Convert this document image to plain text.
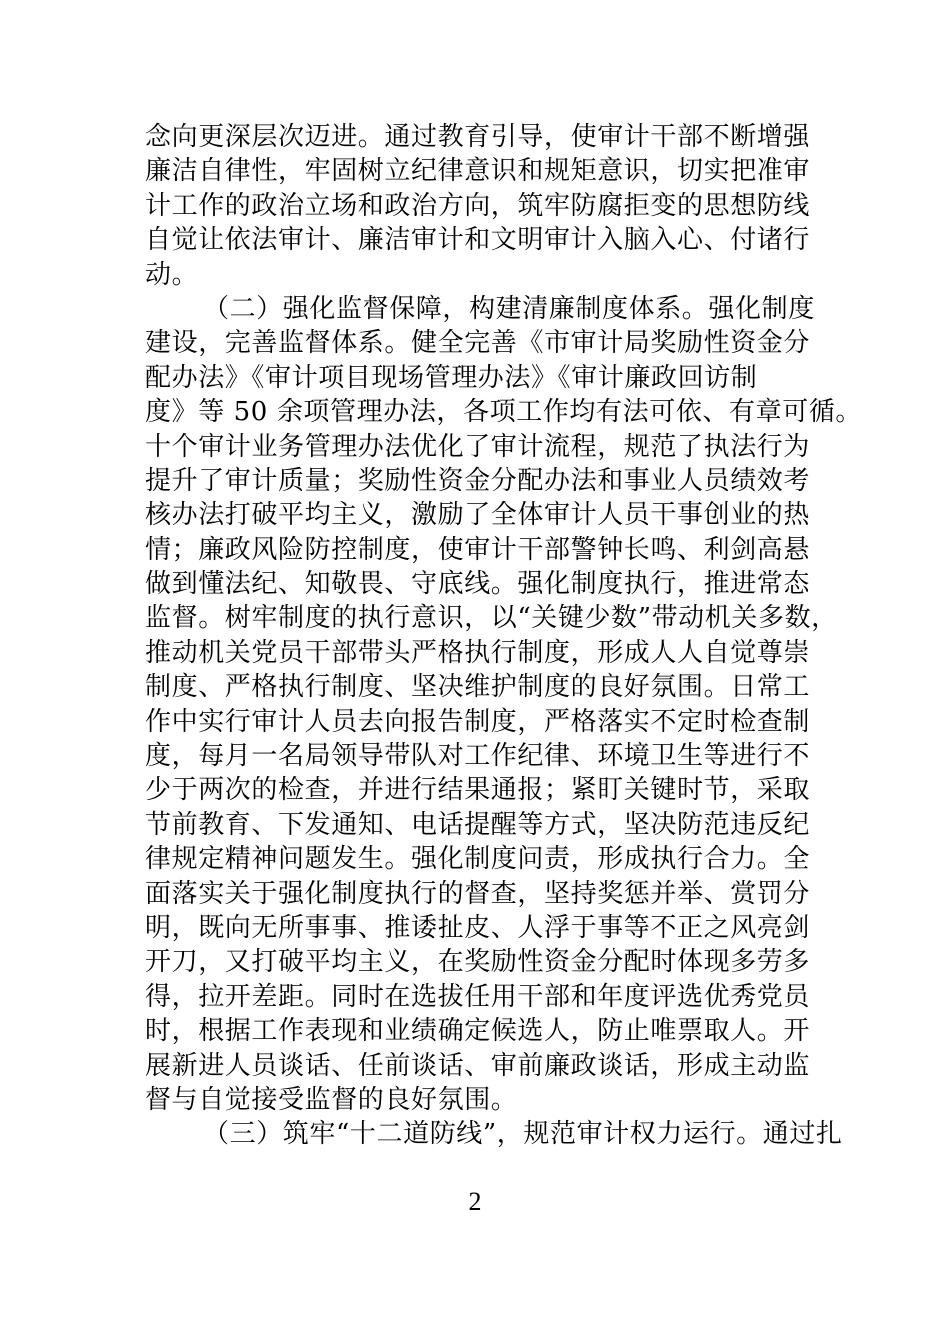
念向更深层次迈进。通过教育引导，使审计干部不断增强
廉洁自律性，牢固树立纪律意识和规矩意识，切实把准审
计工作的政治立场和政治方向，筑牢防腐拒变的思想防线
自觉让依法审计、廉洁审计和文明审计入脑入心、付诸行
动。
（二）强化监督保障，构建清廉制度体系。强化制度
建设，完善监督体系。健全完善《市审计局奖励性资金分
配办法》《审计项目现场管理办法》《审计廉政回访制
度》等 50 余项管理办法，各项工作均有法可依、有章可循。
十个审计业务管理办法优化了审计流程，规范了执法行为
提升了审计质量；奖励性资金分配办法和事业人员绩效考
核办法打破平均主义，激励了全体审计人员干事创业的热
情；廉政风险防控制度，使审计干部警钟长鸣、利剑高悬
做到懂法纪、知敬畏、守底线。强化制度执行，推进常态
监督。树牢制度的执行意识，以“关键少数”带动机关多数，
推动机关党员干部带头严格执行制度，形成人人自觉尊崇
制度、严格执行制度、坚决维护制度的良好氛围。日常工
作中实行审计人员去向报告制度，严格落实不定时检查制
度，每月一名局领导带队对工作纪律、环境卫生等进行不
少于两次的检查，并进行结果通报；紧盯关键时节，采取
节前教育、下发通知、电话提醒等方式，坚决防范违反纪
律规定精神问题发生。强化制度问责，形成执行合力。全
面落实关于强化制度执行的督查，坚持奖惩并举、赏罚分
明，既向无所事事、推诿扯皮、人浮于事等不正之风亮剑
开刀，又打破平均主义，在奖励性资金分配时体现多劳多
得，拉开差距。同时在选拔任用干部和年度评选优秀党员
时，根据工作表现和业绩确定候选人，防止唯票取人。开
展新进人员谈话、任前谈话、审前廉政谈话，形成主动监
督与自觉接受监督的良好氛围。
（三）筑牢“十二道防线”，规范审计权力运行。通过扎
2
